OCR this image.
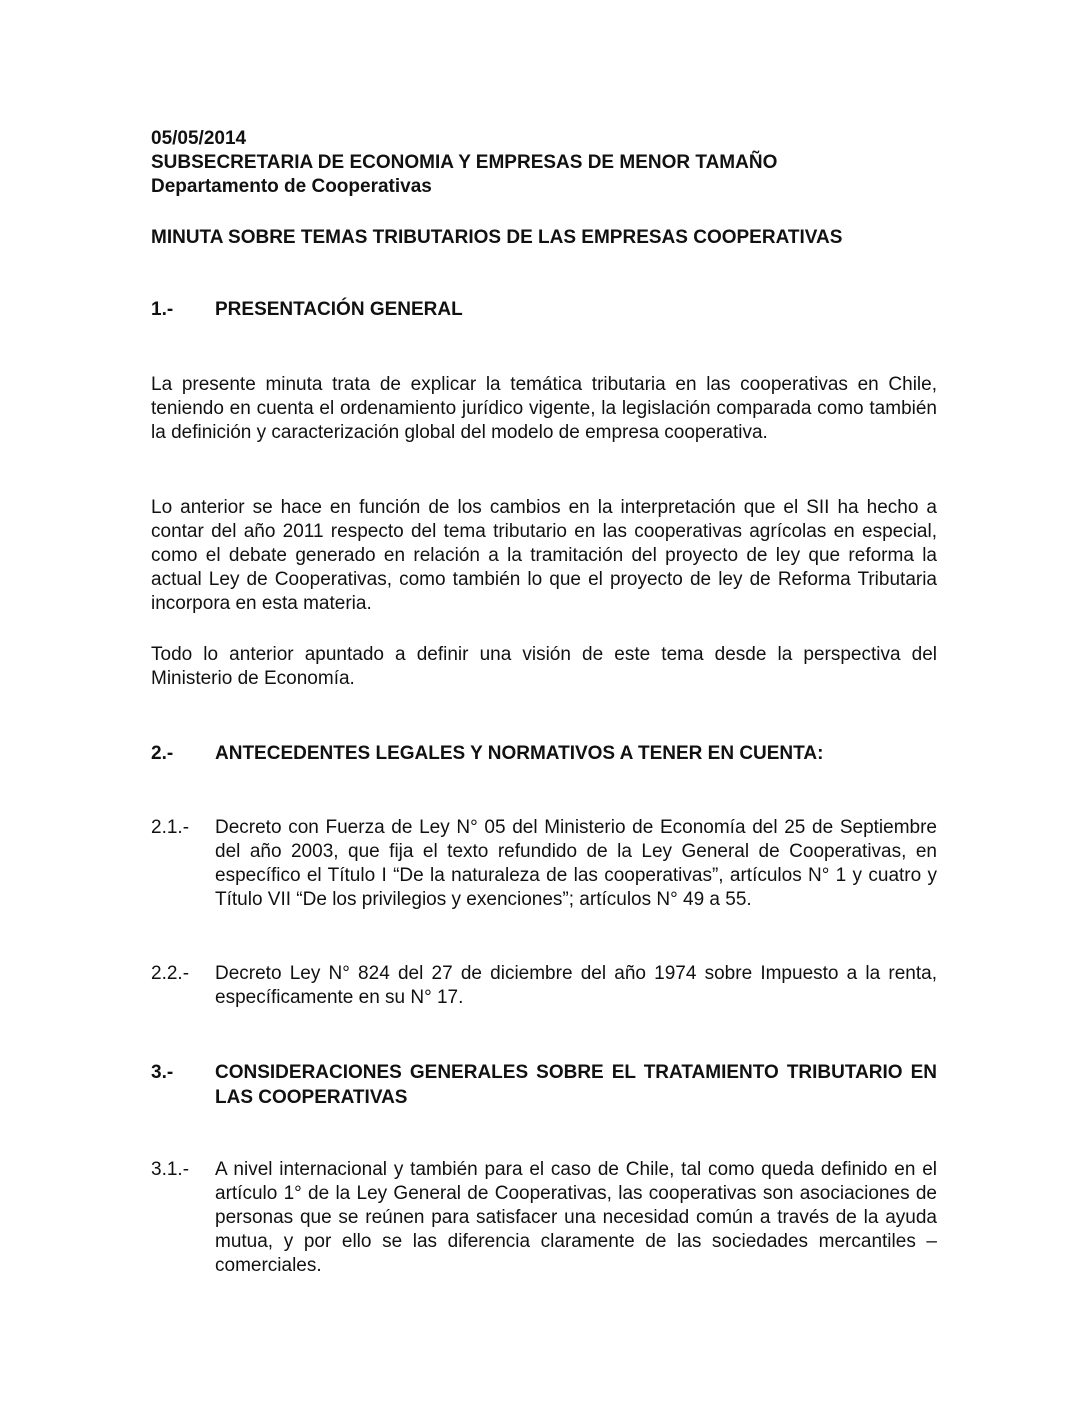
05/05/2014
SUBSECRETARIA DE ECONOMIA Y EMPRESAS DE MENOR TAMAÑO
Departamento de Cooperativas
MINUTA SOBRE TEMAS TRIBUTARIOS DE LAS EMPRESAS COOPERATIVAS
1.- PRESENTACIÓN GENERAL
La presente minuta trata de explicar la temática tributaria en las cooperativas en Chile, teniendo en cuenta el ordenamiento jurídico vigente, la legislación comparada como también la definición y caracterización global del modelo de empresa cooperativa.
Lo anterior se hace en función de los cambios en la interpretación que el SII ha hecho a contar del año 2011 respecto del tema tributario en las cooperativas agrícolas en especial, como el debate generado en relación a la tramitación del proyecto de ley que reforma la actual Ley de Cooperativas, como también lo que el proyecto de ley de Reforma Tributaria incorpora en esta materia.
Todo lo anterior apuntado a definir una visión de este tema desde la perspectiva del Ministerio de Economía.
2.- ANTECEDENTES LEGALES Y NORMATIVOS A TENER EN CUENTA:
2.1.- Decreto con Fuerza de Ley N° 05 del Ministerio de Economía del 25 de Septiembre del año 2003, que fija el texto refundido de la Ley General de Cooperativas, en específico el Título I “De la naturaleza de las cooperativas”, artículos N° 1 y cuatro y Título VII “De los privilegios y exenciones”; artículos N° 49 a 55.
2.2.- Decreto Ley N° 824 del 27 de diciembre del año 1974 sobre Impuesto a la renta, específicamente en su N° 17.
3.- CONSIDERACIONES GENERALES SOBRE EL TRATAMIENTO TRIBUTARIO EN LAS COOPERATIVAS
3.1.- A nivel internacional y también para el caso de Chile, tal como queda definido en el artículo 1° de la Ley General de Cooperativas, las cooperativas son asociaciones de personas que se reúnen para satisfacer una necesidad común a través de la ayuda mutua, y por ello se las diferencia claramente de las sociedades mercantiles – comerciales.
